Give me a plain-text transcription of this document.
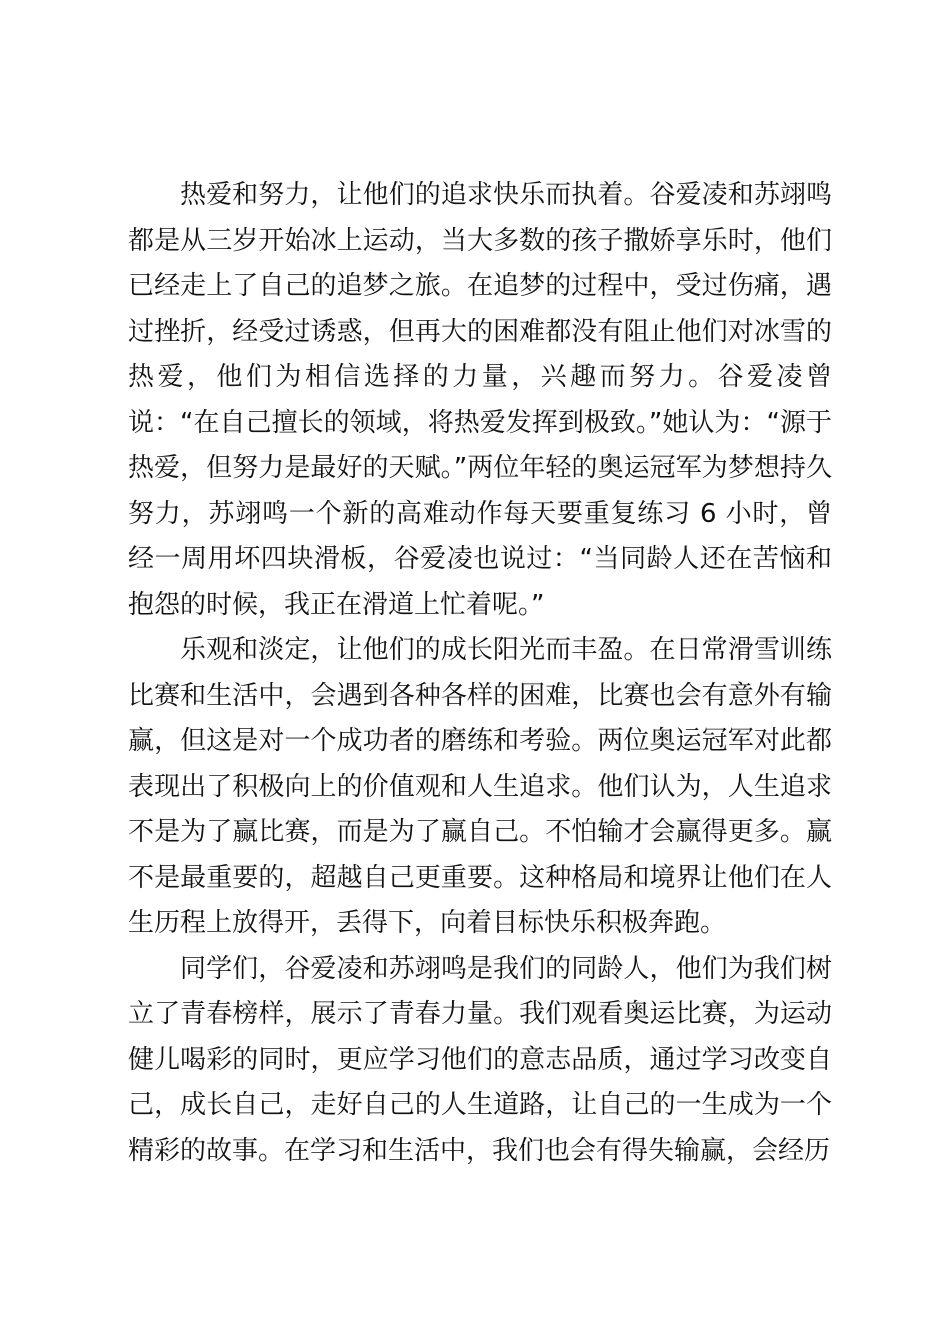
热爱和努力，让他们的追求快乐而执着。谷爱凌和苏翊鸣都是从三岁开始冰上运动，当大多数的孩子撒娇享乐时，他们已经走上了自己的追梦之旅。在追梦的过程中，受过伤痛，遇过挫折，经受过诱惑，但再大的困难都没有阻止他们对冰雪的热爱，他们为相信选择的力量，兴趣而努力。谷爱凌曾说：“在自己擅长的领域，将热爱发挥到极致。”她认为：“源于热爱，但努力是最好的天赋。”两位年轻的奥运冠军为梦想持久努力，苏翊鸣一个新的高难动作每天要重复练习 6 小时，曾经一周用坏四块滑板，谷爱凌也说过：“当同龄人还在苦恼和抱怨的时候，我正在滑道上忙着呢。”

乐观和淡定，让他们的成长阳光而丰盈。在日常滑雪训练比赛和生活中，会遇到各种各样的困难，比赛也会有意外有输赢，但这是对一个成功者的磨练和考验。两位奥运冠军对此都表现出了积极向上的价值观和人生追求。他们认为，人生追求不是为了赢比赛，而是为了赢自己。不怕输才会赢得更多。赢不是最重要的，超越自己更重要。这种格局和境界让他们在人生历程上放得开，丢得下，向着目标快乐积极奔跑。

同学们，谷爱凌和苏翊鸣是我们的同龄人，他们为我们树立了青春榜样，展示了青春力量。我们观看奥运比赛，为运动健儿喝彩的同时，更应学习他们的意志品质，通过学习改变自己，成长自己，走好自己的人生道路，让自己的一生成为一个精彩的故事。在学习和生活中，我们也会有得失输赢，会经历
